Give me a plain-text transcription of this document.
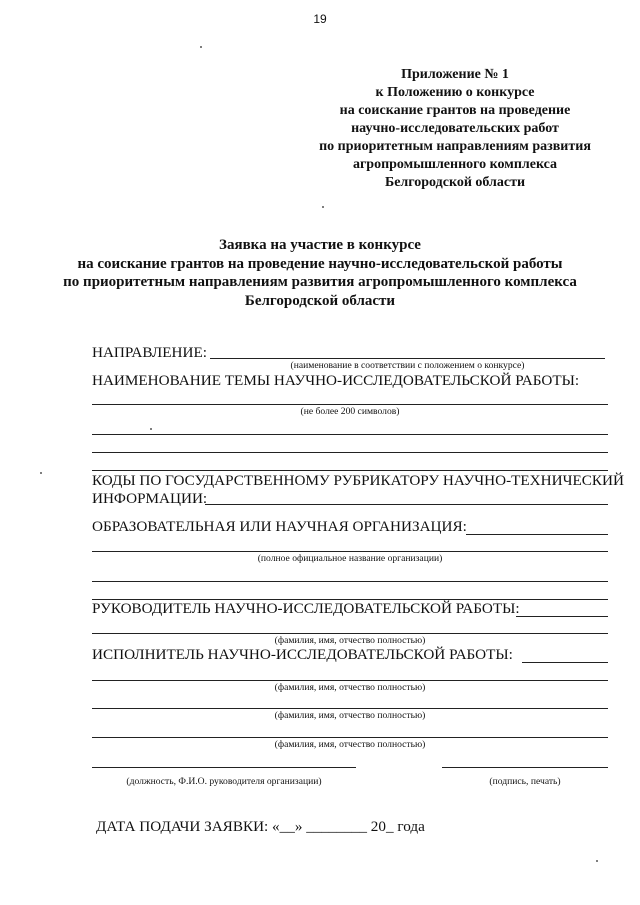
19
Приложение № 1
к Положению о конкурсе
на соискание грантов на проведение
научно-исследовательских работ
по приоритетным направлениям развития
агропромышленного комплекса
Белгородской области
Заявка на участие в конкурсе
на соискание грантов на проведение научно-исследовательской работы
по приоритетным направлениям развития агропромышленного комплекса
Белгородской области
НАПРАВЛЕНИЕ:
(наименование в соответствии с положением о конкурсе)
НАИМЕНОВАНИЕ ТЕМЫ НАУЧНО-ИССЛЕДОВАТЕЛЬСКОЙ РАБОТЫ:
(не более 200 символов)
КОДЫ ПО ГОСУДАРСТВЕННОМУ РУБРИКАТОРУ НАУЧНО-ТЕХНИЧЕСКИЙ
ИНФОРМАЦИИ:
ОБРАЗОВАТЕЛЬНАЯ ИЛИ НАУЧНАЯ ОРГАНИЗАЦИЯ:
(полное официальное название организации)
РУКОВОДИТЕЛЬ НАУЧНО-ИССЛЕДОВАТЕЛЬСКОЙ РАБОТЫ:
(фамилия, имя, отчество полностью)
ИСПОЛНИТЕЛЬ НАУЧНО-ИССЛЕДОВАТЕЛЬСКОЙ РАБОТЫ:
(фамилия, имя, отчество полностью)
(фамилия, имя, отчество полностью)
(фамилия, имя, отчество полностью)
(должность, Ф.И.О. руководителя организации)	(подпись, печать)
ДАТА ПОДАЧИ ЗАЯВКИ: «__» ________ 20_ года
